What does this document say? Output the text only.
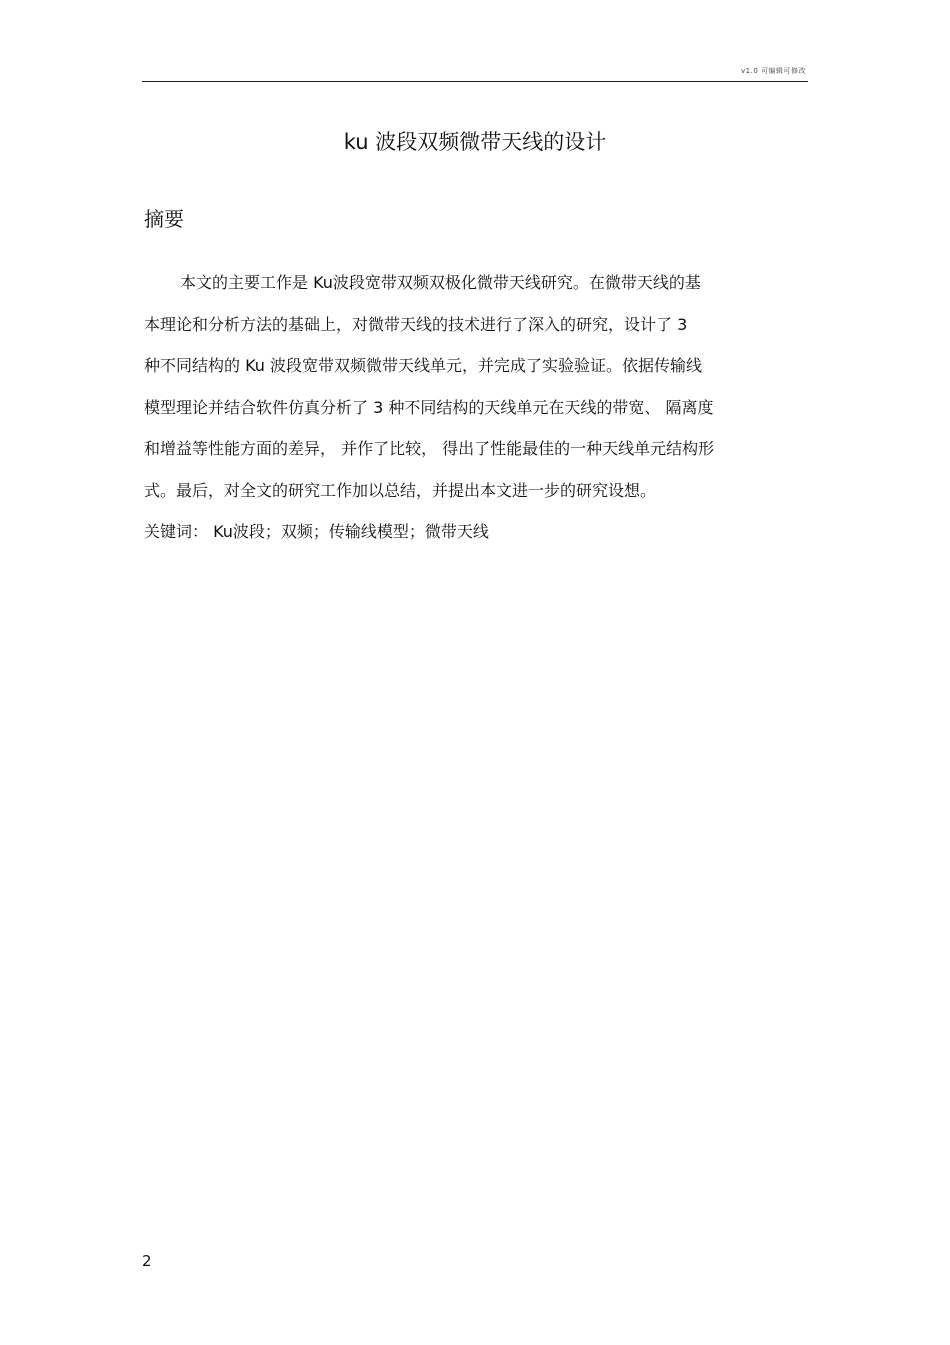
v1.0 可编辑可修改
ku 波段双频微带天线的设计
摘要
本文的主要工作是 Ku波段宽带双频双极化微带天线研究。在微带天线的基
本理论和分析方法的基础上，对微带天线的技术进行了深入的研究，设计了 3
种不同结构的 Ku 波段宽带双频微带天线单元，并完成了实验验证。依据传输线
模型理论并结合软件仿真分析了 3 种不同结构的天线单元在天线的带宽、 隔离度
和增益等性能方面的差异， 并作了比较， 得出了性能最佳的一种天线单元结构形
式。最后，对全文的研究工作加以总结，并提出本文进一步的研究设想。
关键词： Ku波段；双频；传输线模型；微带天线
2
